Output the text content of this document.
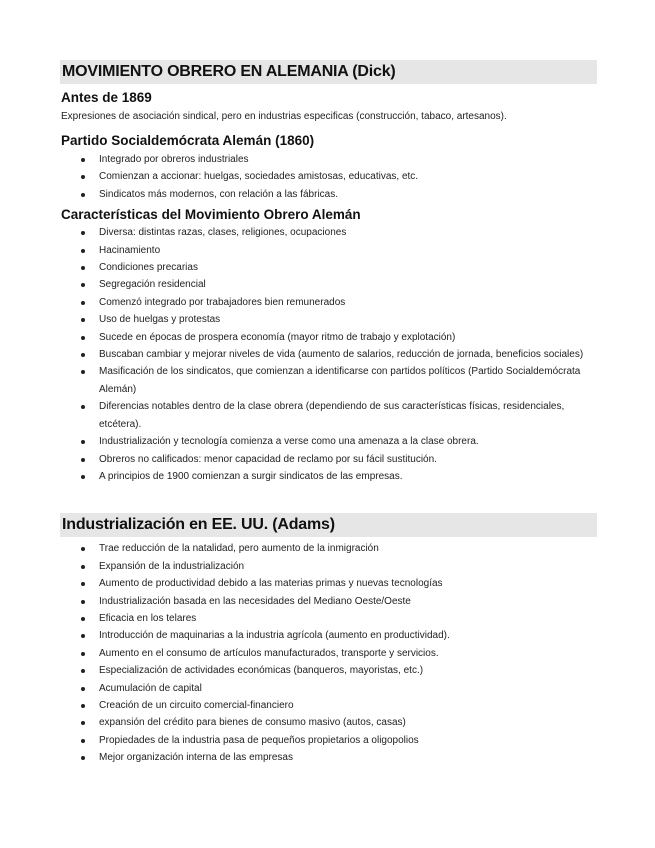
MOVIMIENTO OBRERO EN ALEMANIA (Dick)
Antes de 1869

Expresiones de asociación sindical, pero en industrias especificas (construcción, tabaco, artesanos).

Partido Socialdemócrata Alemán (1860)
Integrado por obreros industriales
Comienzan a accionar: huelgas, sociedades amistosas, educativas, etc.
Sindicatos más modernos, con relación a las fábricas.
Características del Movimiento Obrero Alemán
Diversa: distintas razas, clases, religiones, ocupaciones
Hacinamiento
Condiciones precarias
Segregación residencial
Comenzó integrado por trabajadores bien remunerados
Uso de huelgas y protestas
Sucede en épocas de prospera economía (mayor ritmo de trabajo y explotación)
Buscaban cambiar y mejorar niveles de vida (aumento de salarios, reducción de jornada, beneficios sociales)
Masificación de los sindicatos, que comienzan a identificarse con partidos políticos (Partido Socialdemócrata Alemán)
Diferencias notables dentro de la clase obrera (dependiendo de sus características físicas, residenciales, etcétera).
Industrialización y tecnología comienza a verse como una amenaza a la clase obrera.
Obreros no calificados: menor capacidad de reclamo por su fácil sustitución.
A principios de 1900 comienzan a surgir sindicatos de las empresas.
Industrialización en EE. UU. (Adams)
Trae reducción de la natalidad, pero aumento de la inmigración
Expansión de la industrialización
Aumento de productividad debido a las materias primas y nuevas tecnologías
Industrialización basada en las necesidades del Mediano Oeste/Oeste
Eficacia en los telares
Introducción de maquinarias a la industria agrícola (aumento en productividad).
Aumento en el consumo de artículos manufacturados, transporte y servicios.
Especialización de actividades económicas (banqueros, mayoristas, etc.)
Acumulación de capital
Creación de un circuito comercial-financiero
expansión del crédito para bienes de consumo masivo (autos, casas)
Propiedades de la industria pasa de pequeños propietarios a oligopolios
Mejor organización interna de las empresas
